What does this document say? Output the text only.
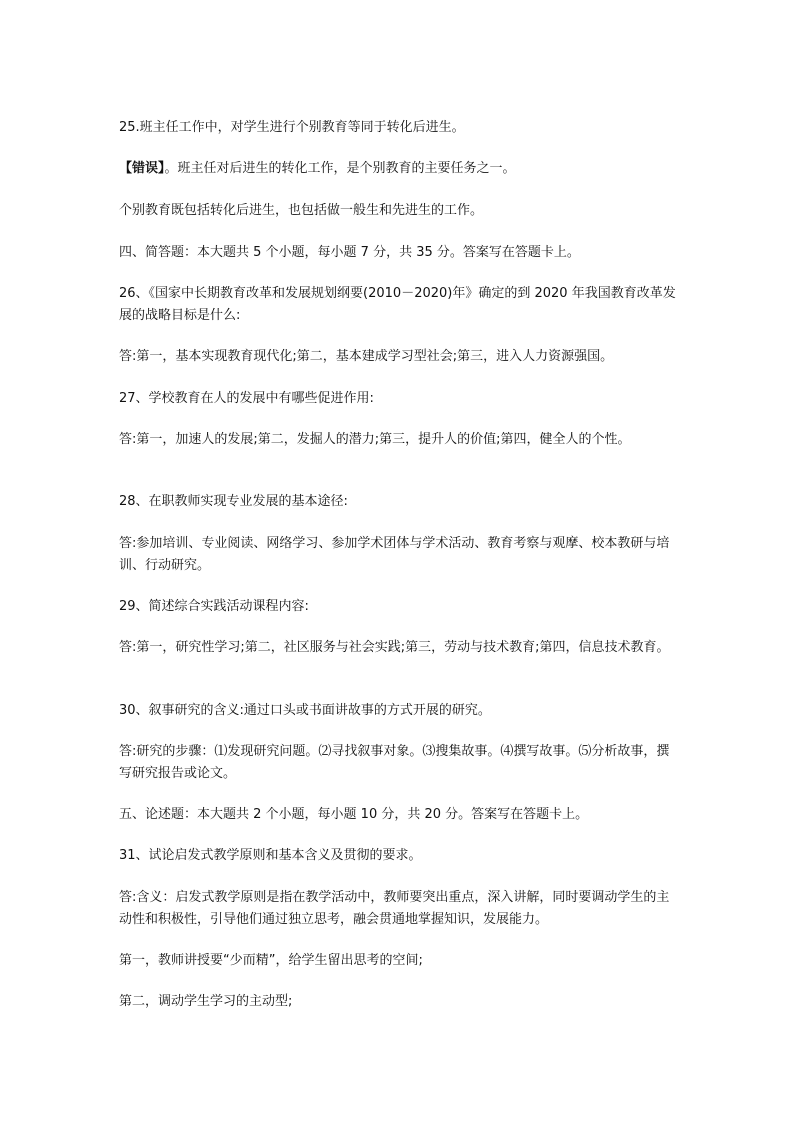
25.班主任工作中，对学生进行个别教育等同于转化后进生。

【错误】。班主任对后进生的转化工作，是个别教育的主要任务之一。

个别教育既包括转化后进生，也包括做一般生和先进生的工作。

四、简答题：本大题共 5 个小题，每小题 7 分，共 35 分。答案写在答题卡上。

26、《国家中长期教育改革和发展规划纲要(2010－2020)年》确定的到 2020 年我国教育改革发展的战略目标是什么:

答:第一，基本实现教育现代化;第二，基本建成学习型社会;第三，进入人力资源强国。

27、学校教育在人的发展中有哪些促进作用:

答:第一，加速人的发展;第二，发掘人的潜力;第三，提升人的价值;第四，健全人的个性。

28、在职教师实现专业发展的基本途径:

答:参加培训、专业阅读、网络学习、参加学术团体与学术活动、教育考察与观摩、校本教研与培训、行动研究。

29、简述综合实践活动课程内容:

答:第一，研究性学习;第二，社区服务与社会实践;第三，劳动与技术教育;第四，信息技术教育。

30、叙事研究的含义:通过口头或书面讲故事的方式开展的研究。

答:研究的步骤：⑴发现研究问题。⑵寻找叙事对象。⑶搜集故事。⑷撰写故事。⑸分析故事，撰写研究报告或论文。

五、论述题：本大题共 2 个小题，每小题 10 分，共 20 分。答案写在答题卡上。

31、试论启发式教学原则和基本含义及贯彻的要求。

答:含义：启发式教学原则是指在教学活动中，教师要突出重点，深入讲解，同时要调动学生的主动性和积极性，引导他们通过独立思考，融会贯通地掌握知识，发展能力。

第一，教师讲授要“少而精”，给学生留出思考的空间;

第二，调动学生学习的主动型;
